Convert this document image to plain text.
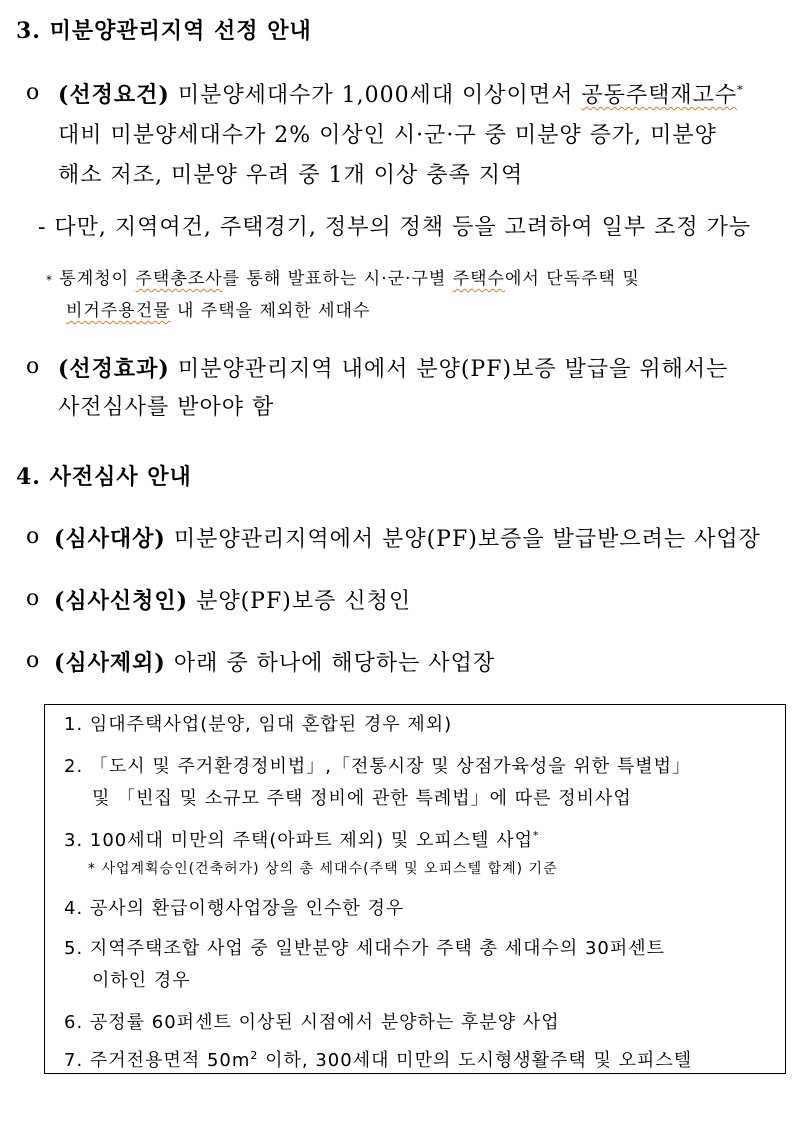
3. 미분양관리지역 선정 안내
o (선정요건) 미분양세대수가 1,000세대 이상이면서 공동주택재고수*
대비 미분양세대수가 2% 이상인 시·군·구 중 미분양 증가, 미분양
해소 저조, 미분양 우려 중 1개 이상 충족 지역
- 다만, 지역여건, 주택경기, 정부의 정책 등을 고려하여 일부 조정 가능
* 통계청이 주택총조사를 통해 발표하는 시·군·구별 주택수에서 단독주택 및
비거주용건물 내 주택을 제외한 세대수
o (선정효과) 미분양관리지역 내에서 분양(PF)보증 발급을 위해서는
사전심사를 받아야 함
4. 사전심사 안내
o (심사대상) 미분양관리지역에서 분양(PF)보증을 발급받으려는 사업장
o (심사신청인) 분양(PF)보증 신청인
o (심사제외) 아래 중 하나에 해당하는 사업장
1. 임대주택사업(분양, 임대 혼합된 경우 제외)
2. 「도시 및 주거환경정비법」,「전통시장 및 상점가육성을 위한 특별법」
및 「빈집 및 소규모 주택 정비에 관한 특례법」에 따른 정비사업
3. 100세대 미만의 주택(아파트 제외) 및 오피스텔 사업*
* 사업계획승인(건축허가) 상의 총 세대수(주택 및 오피스텔 합계) 기준
4. 공사의 환급이행사업장을 인수한 경우
5. 지역주택조합 사업 중 일반분양 세대수가 주택 총 세대수의 30퍼센트
이하인 경우
6. 공정률 60퍼센트 이상된 시점에서 분양하는 후분양 사업
7. 주거전용면적 $50m^2$ 이하, 300세대 미만의 도시형생활주택 및 오피스텔
